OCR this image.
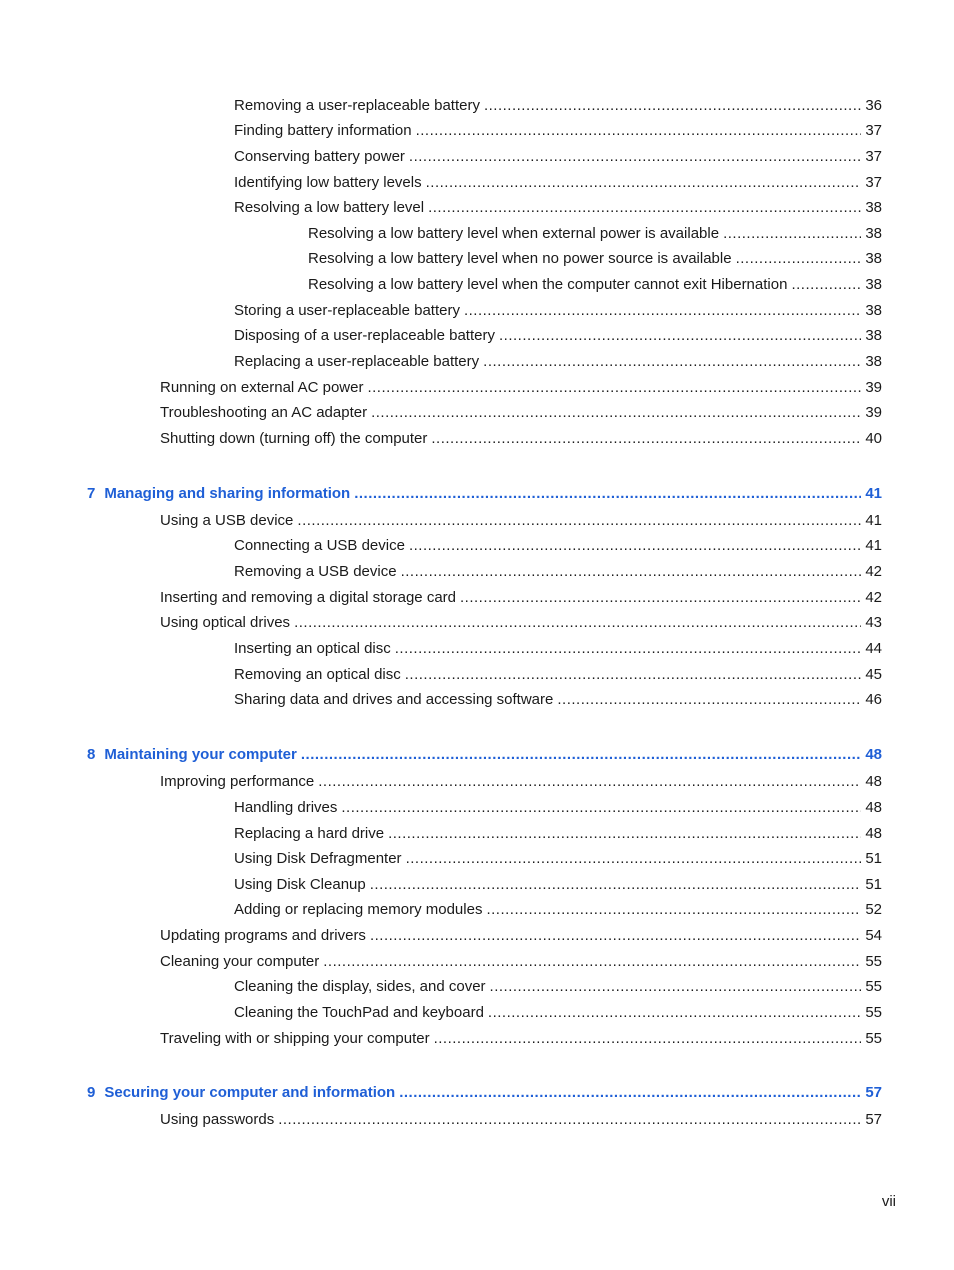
Removing a user-replaceable battery .....	36
Finding battery information .....	37
Conserving battery power .....	37
Identifying low battery levels .....	37
Resolving a low battery level .....	38
Resolving a low battery level when external power is available .....	38
Resolving a low battery level when no power source is available .....	38
Resolving a low battery level when the computer cannot exit Hibernation .....	38
Storing a user-replaceable battery .....	38
Disposing of a user-replaceable battery .....	38
Replacing a user-replaceable battery .....	38
Running on external AC power .....	39
Troubleshooting an AC adapter .....	39
Shutting down (turning off) the computer .....	40
7 Managing and sharing information .....	41
Using a USB device .....	41
Connecting a USB device .....	41
Removing a USB device .....	42
Inserting and removing a digital storage card .....	42
Using optical drives .....	43
Inserting an optical disc .....	44
Removing an optical disc .....	45
Sharing data and drives and accessing software .....	46
8 Maintaining your computer .....	48
Improving performance .....	48
Handling drives .....	48
Replacing a hard drive .....	48
Using Disk Defragmenter .....	51
Using Disk Cleanup .....	51
Adding or replacing memory modules .....	52
Updating programs and drivers .....	54
Cleaning your computer .....	55
Cleaning the display, sides, and cover .....	55
Cleaning the TouchPad and keyboard .....	55
Traveling with or shipping your computer .....	55
9 Securing your computer and information .....	57
Using passwords .....	57
vii
